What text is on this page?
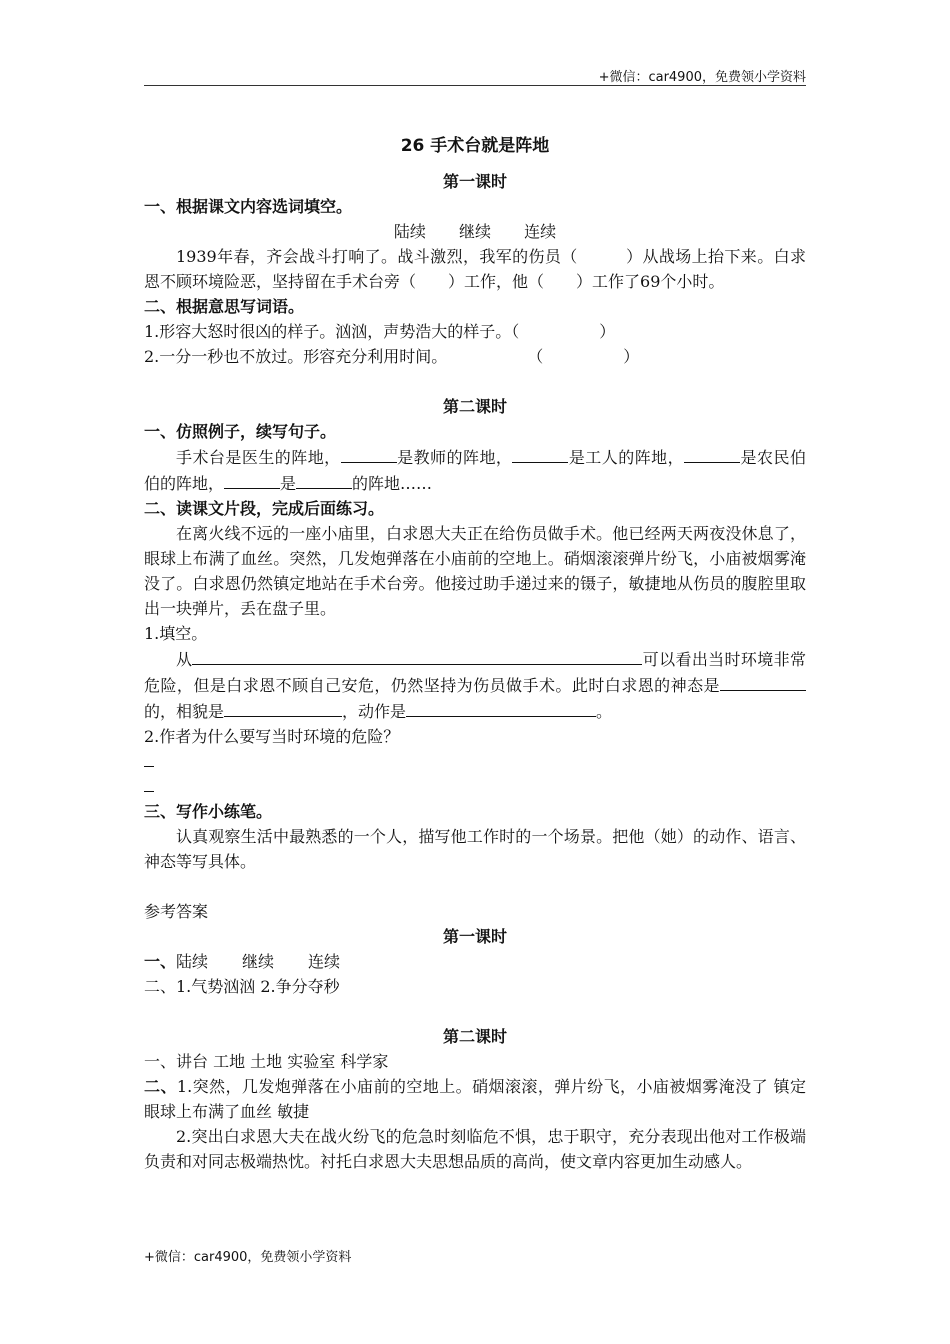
+微信：car4900，免费领小学资料

26 手术台就是阵地

第一课时

一、根据课文内容选词填空。

陆续 继续 连续

1939年春，齐会战斗打响了。战斗激烈，我军的伤员（	）从战场上抬下来。白求恩不顾环境险恶，坚持留在手术台旁（ ）工作，他（ ）工作了69个小时。

二、根据意思写词语。

1.形容大怒时很凶的样子。汹汹，声势浩大的样子。（	）

2.一分一秒也不放过。形容充分利用时间。	（	）

第二课时

一、仿照例子，续写句子。

手术台是医生的阵地，	是教师的阵地，	是工人的阵地，	是农民伯伯的阵地，	是	的阵地……

二、读课文片段，完成后面练习。

在离火线不远的一座小庙里，白求恩大夫正在给伤员做手术。他已经两天两夜没休息了，眼球上布满了血丝。突然，几发炮弹落在小庙前的空地上。硝烟滚滚弹片纷飞，小庙被烟雾淹没了。白求恩仍然镇定地站在手术台旁。他接过助手递过来的镊子，敏捷地从伤员的腹腔里取出一块弹片，丢在盘子里。

1.填空。

从	可以看出当时环境非常危险，但是白求恩不顾自己安危，仍然坚持为伤员做手术。此时白求恩的神态是的，相貌是	，动作是	。

2.作者为什么要写当时环境的危险？

三、写作小练笔。

认真观察生活中最熟悉的一个人，描写他工作时的一个场景。把他（她）的动作、语言、神态等写具体。

参考答案

第一课时

一、陆续 继续 连续

二、1.气势汹汹 2.争分夺秒

第二课时

一、讲台 工地 土地 实验室 科学家

二、1.突然，几发炮弹落在小庙前的空地上。硝烟滚滚，弹片纷飞，小庙被烟雾淹没了 镇定 眼球上布满了血丝 敏捷

2.突出白求恩大夫在战火纷飞的危急时刻临危不惧，忠于职守，充分表现出他对工作极端负责和对同志极端热忱。衬托白求恩大夫思想品质的高尚，使文章内容更加生动感人。

+微信：car4900，免费领小学资料
